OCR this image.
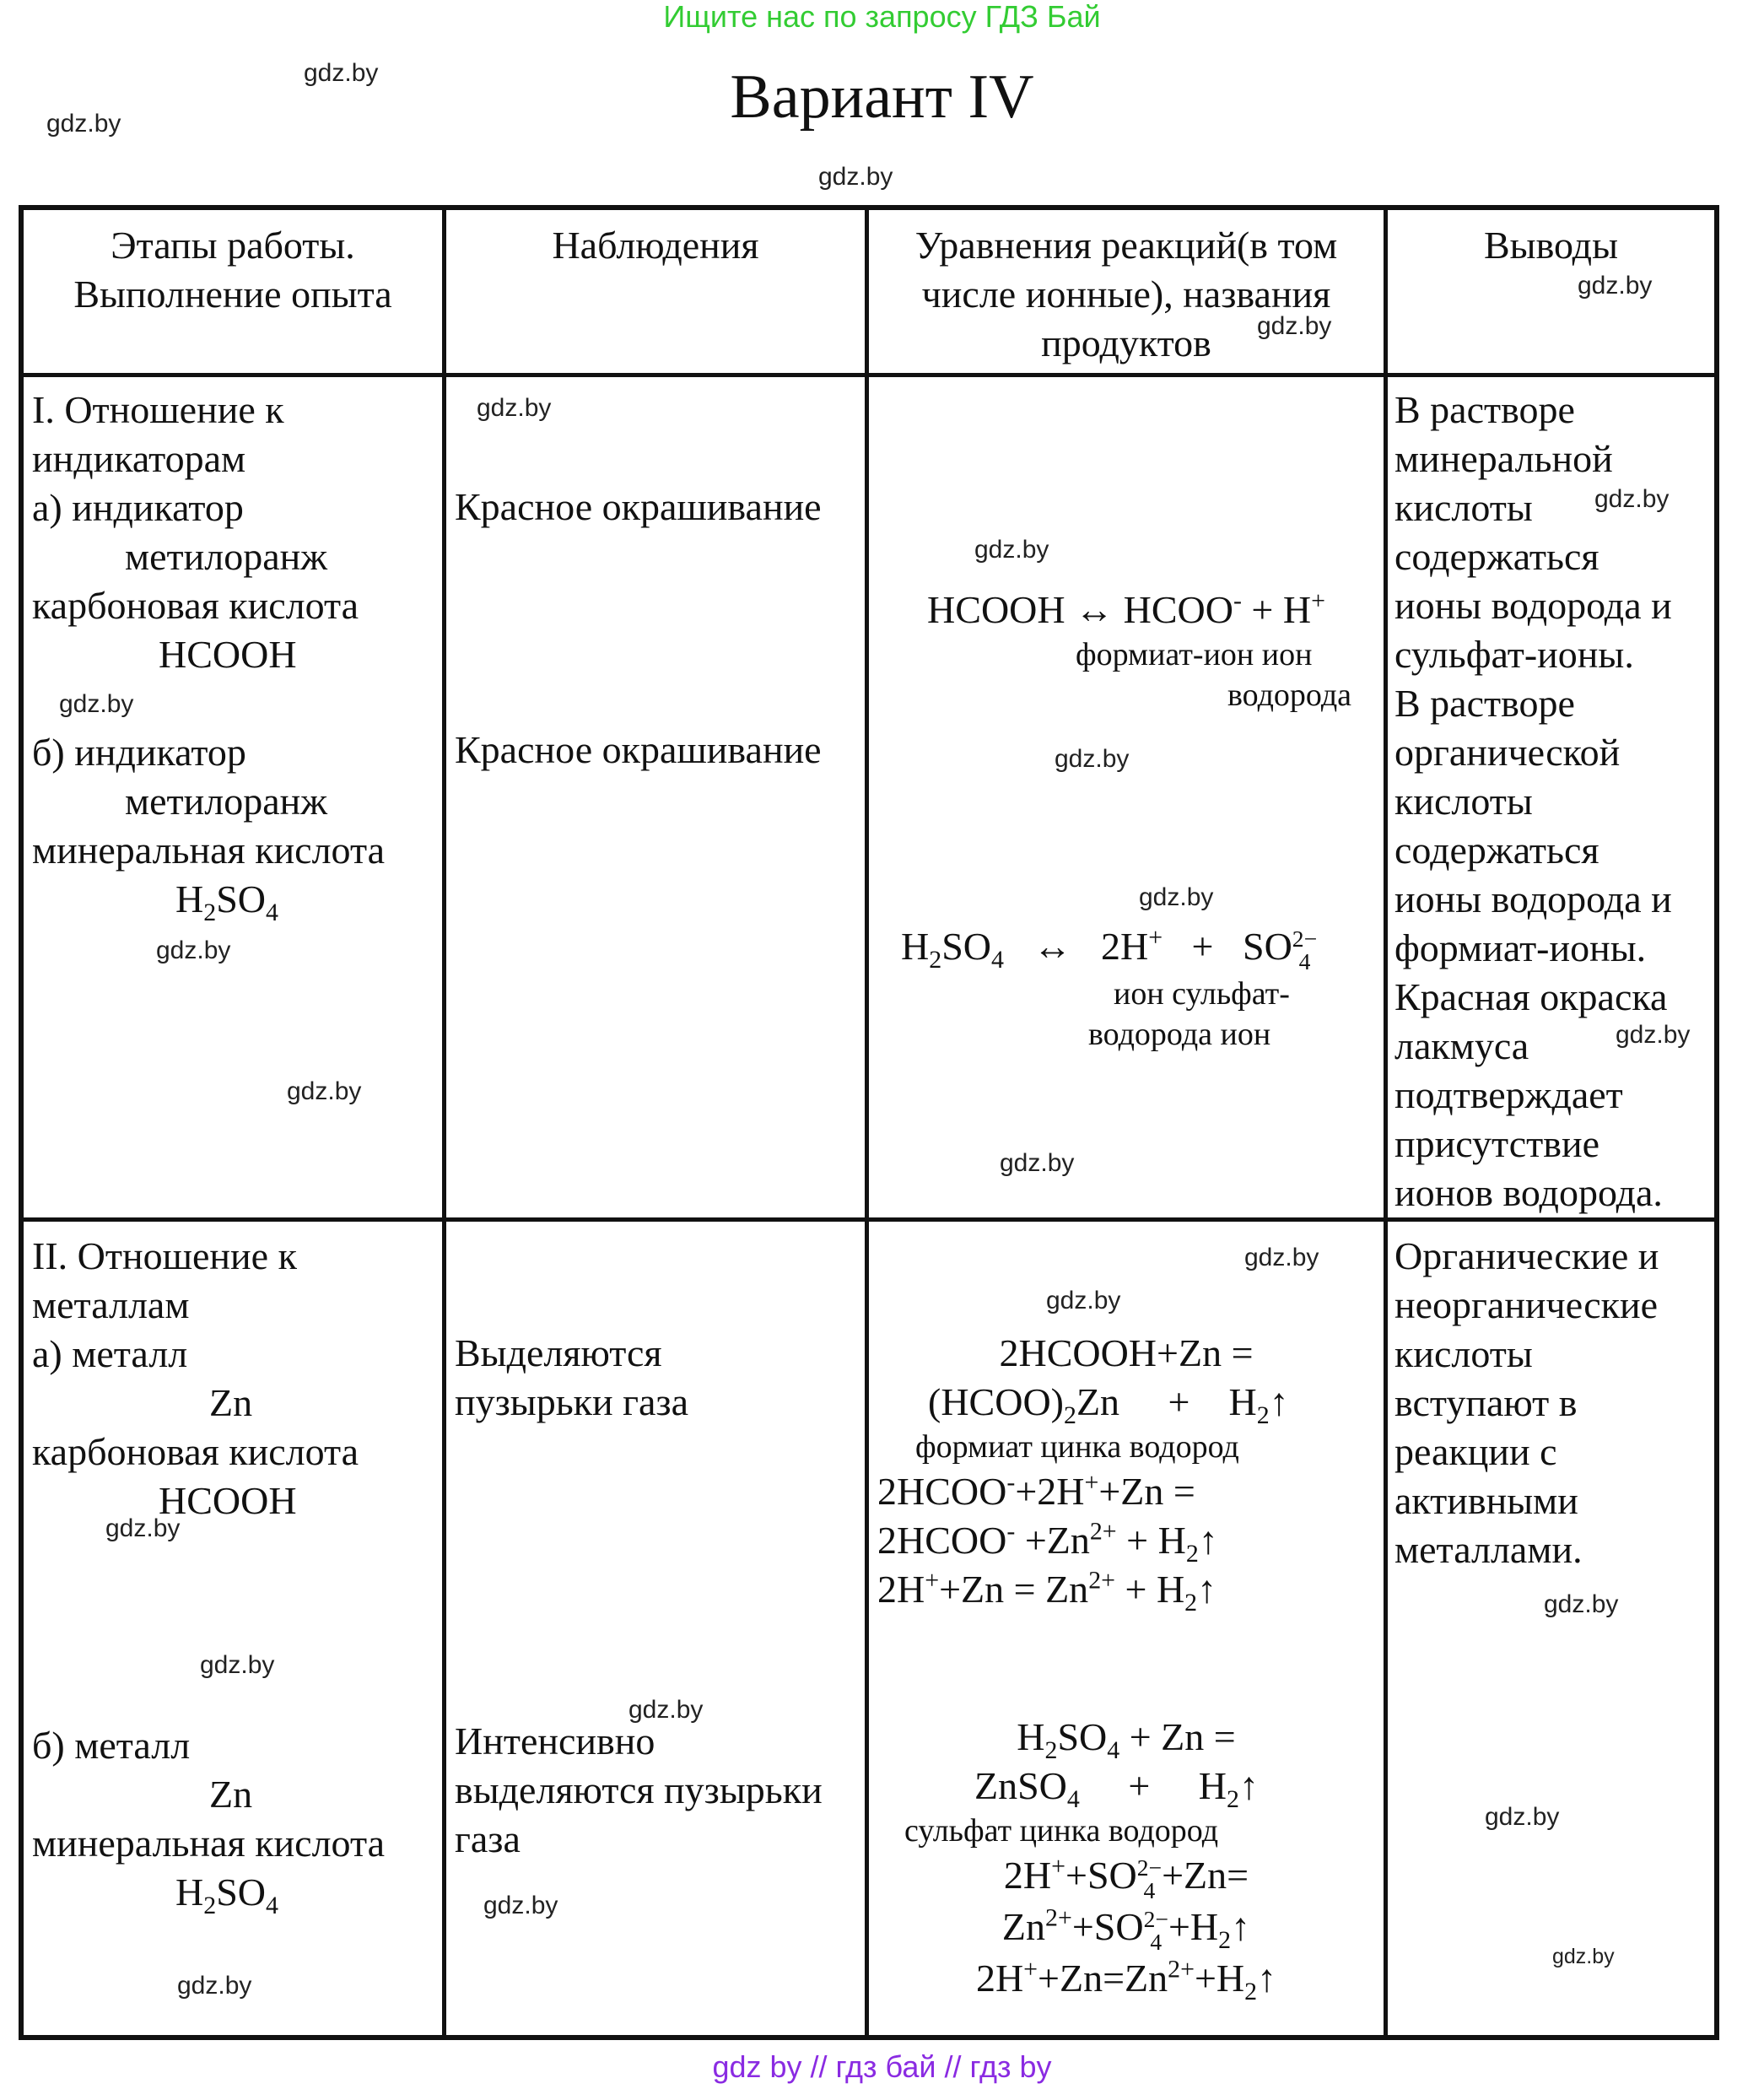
Ищите нас по запросу ГДЗ Бай
Вариант IV
gdz.by
gdz.by
gdz.by
gdz.by
gdz.by
gdz.by
gdz.by
gdz.by
gdz.by
gdz.by
gdz.by
gdz.by
gdz.by
gdz.by
gdz.by
gdz.by
gdz.by
gdz.by
gdz.by
gdz.by
gdz.by
gdz.by
gdz.by
gdz.by
gdz.by
Этапы работы.
Выполнение опыта
Наблюдения	Уравнения реакций(в том
числе ионные), названия
продуктов
Выводы
I. Отношение к
индикаторам
а) индикатор
метилоранж
карбоновая кислота
HCOOH
б) индикатор
метилоранж
минеральная кислота
$H_2SO_4$
Красное окрашивание
Красное окрашивание
HCOOH ↔ HCOO- + H+
формиат-ион ион
водорода
$H_2SO_4$   ↔   2H+   +   SO 2−
4
ион сульфат-
водорода ион
В растворе
минеральной
кислоты
содержаться
ионы водорода и
сульфат-ионы.
В растворе
органической
кислоты
содержаться
ионы водорода и
формиат-ионы.
Красная окраска
лакмуса
подтверждает
присутствие
ионов водорода.
II. Отношение к
металлам
а) металл
Zn
карбоновая кислота
HCOOH
б) металл
Zn
минеральная кислота
$H_2SO_4$
Выделяются
пузырьки газа
Интенсивно
выделяются пузырьки
газа
2HCOOH+Zn =
$(HCOO)_2Zn$     +    $H_2↑$
формиат цинка водород
2HCOO-+2H++Zn =
2HCOO- $+Zn^{2+}$ + $H_2↑$
$2H^++Zn = Zn^{2+}$ + $H_2↑$
$H_2SO_4 + Zn$ =
ZnSO$_4$     +     $H_2↑$
сульфат цинка водород
2H++SO 2−
4 +Zn=
$Zn^{2+}+SO$ 2−
$4 +H_2↑$
$2H^++Zn=Zn^{2+}+H_2↑$
Органические и
неорганические
кислоты
вступают в
реакции с
активными
металлами.
gdz by // гдз бай // гдз by
